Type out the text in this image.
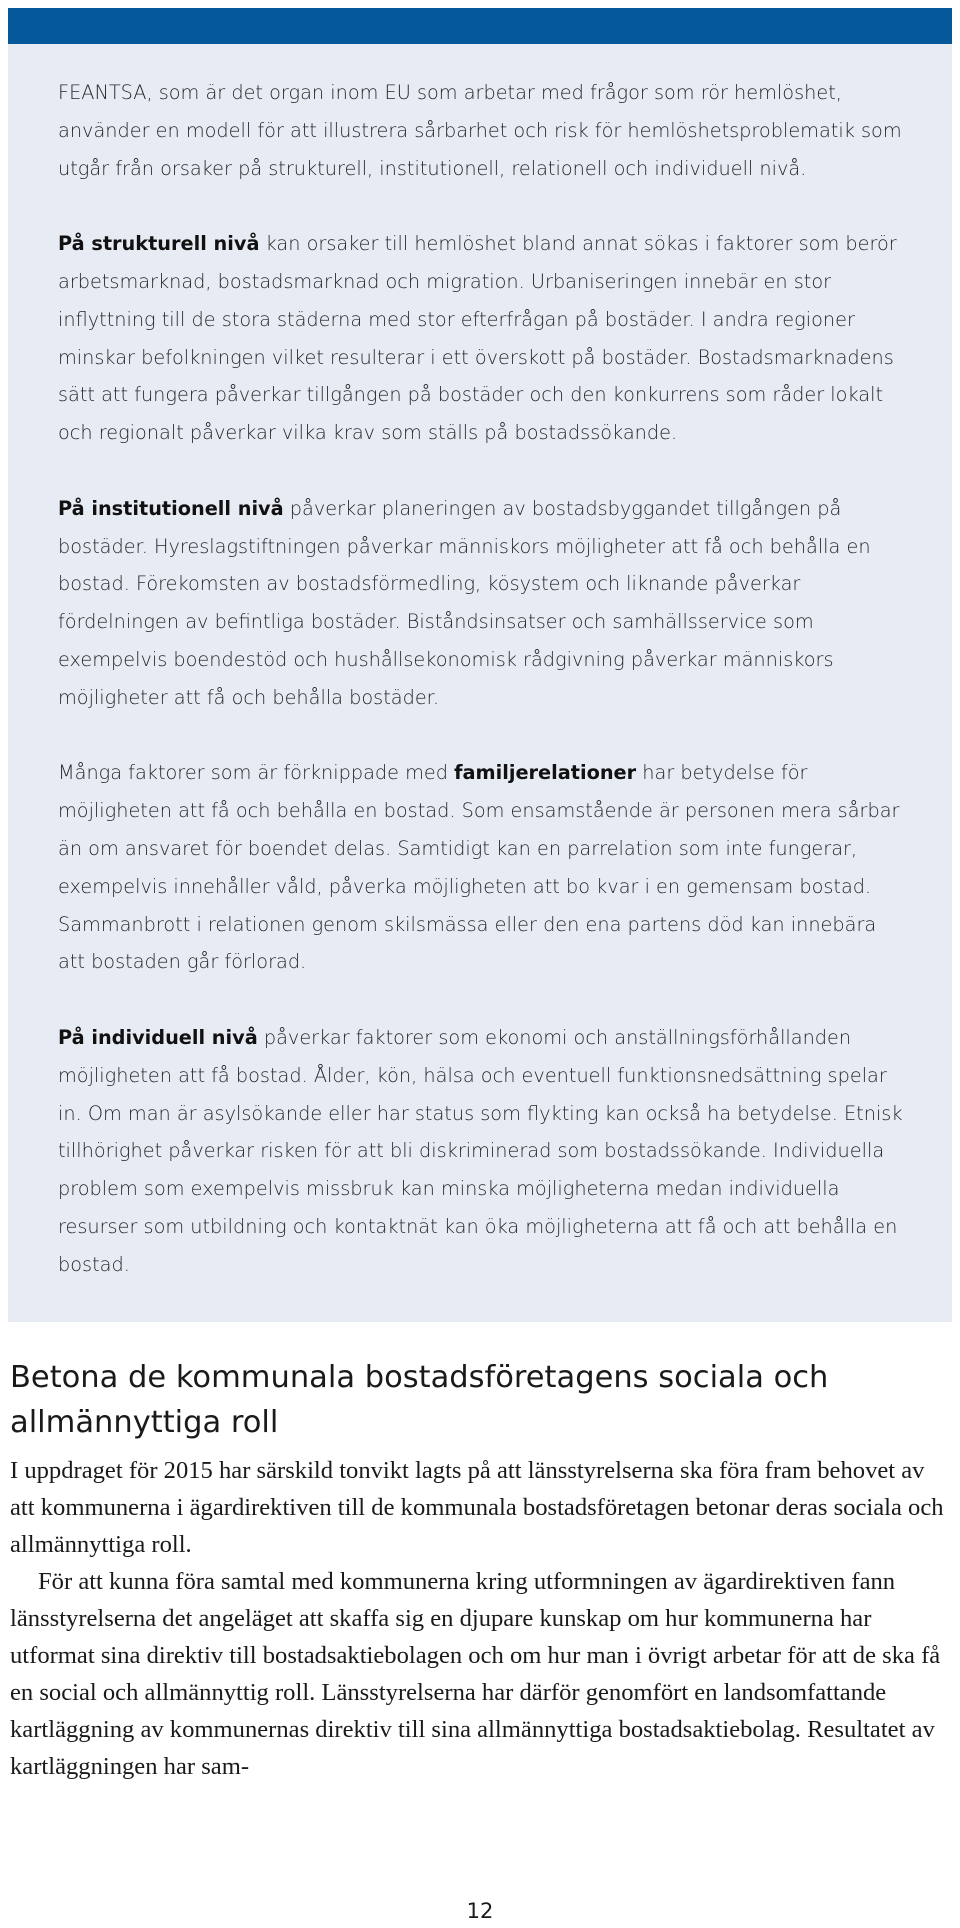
FEANTSA, som är det organ inom EU som arbetar med frågor som rör hemlöshet, använder en modell för att illustrera sårbarhet och risk för hemlöshetsproblematik som utgår från orsaker på strukturell, institutionell, relationell och individuell nivå.

På strukturell nivå kan orsaker till hemlöshet bland annat sökas i faktorer som berör arbetsmarknad, bostadsmarknad och migration. Urbaniseringen innebär en stor inflyttning till de stora städerna med stor efterfrågan på bostäder. I andra regioner minskar befolkningen vilket resulterar i ett överskott på bostäder. Bostadsmarknadens sätt att fungera påverkar tillgången på bostäder och den konkurrens som råder lokalt och regionalt påverkar vilka krav som ställs på bostadssökande.

På institutionell nivå påverkar planeringen av bostadsbyggandet tillgången på bostäder. Hyreslagstiftningen påverkar människors möjligheter att få och behålla en bostad. Förekomsten av bostadsförmedling, kösystem och liknande påverkar fördelningen av befintliga bostäder. Biståndsinsatser och samhällsservice som exempelvis boendestöd och hushållsekonomisk rådgivning påverkar människors möjligheter att få och behålla bostäder.

Många faktorer som är förknippade med familjerelationer har betydelse för möjligheten att få och behålla en bostad. Som ensamstående är personen mera sårbar än om ansvaret för boendet delas. Samtidigt kan en parrelation som inte fungerar, exempelvis innehåller våld, påverka möjligheten att bo kvar i en gemensam bostad. Sammanbrott i relationen genom skilsmässa eller den ena partens död kan innebära att bostaden går förlorad.

På individuell nivå påverkar faktorer som ekonomi och anställningsförhållanden möjligheten att få bostad. Ålder, kön, hälsa och eventuell funktionsnedsättning spelar in. Om man är asylsökande eller har status som flykting kan också ha betydelse. Etnisk tillhörighet påverkar risken för att bli diskriminerad som bostadssökande. Individuella problem som exempelvis missbruk kan minska möjligheterna medan individuella resurser som utbildning och kontaktnät kan öka möjligheterna att få och att behålla en bostad.

Betona de kommunala bostadsföretagens sociala och allmännyttiga roll

I uppdraget för 2015 har särskild tonvikt lagts på att länsstyrelserna ska föra fram behovet av att kommunerna i ägardirektiven till de kommunala bostadsföretagen betonar deras sociala och allmännyttiga roll.

För att kunna föra samtal med kommunerna kring utformningen av ägardirektiven fann länsstyrelserna det angeläget att skaffa sig en djupare kunskap om hur kommunerna har utformat sina direktiv till bostadsaktiebolagen och om hur man i övrigt arbetar för att de ska få en social och allmännyttig roll. Länsstyrelserna har därför genomfört en landsomfattande kartläggning av kommunernas direktiv till sina allmännyttiga bostadsaktiebolag. Resultatet av kartläggningen har sam-

12
